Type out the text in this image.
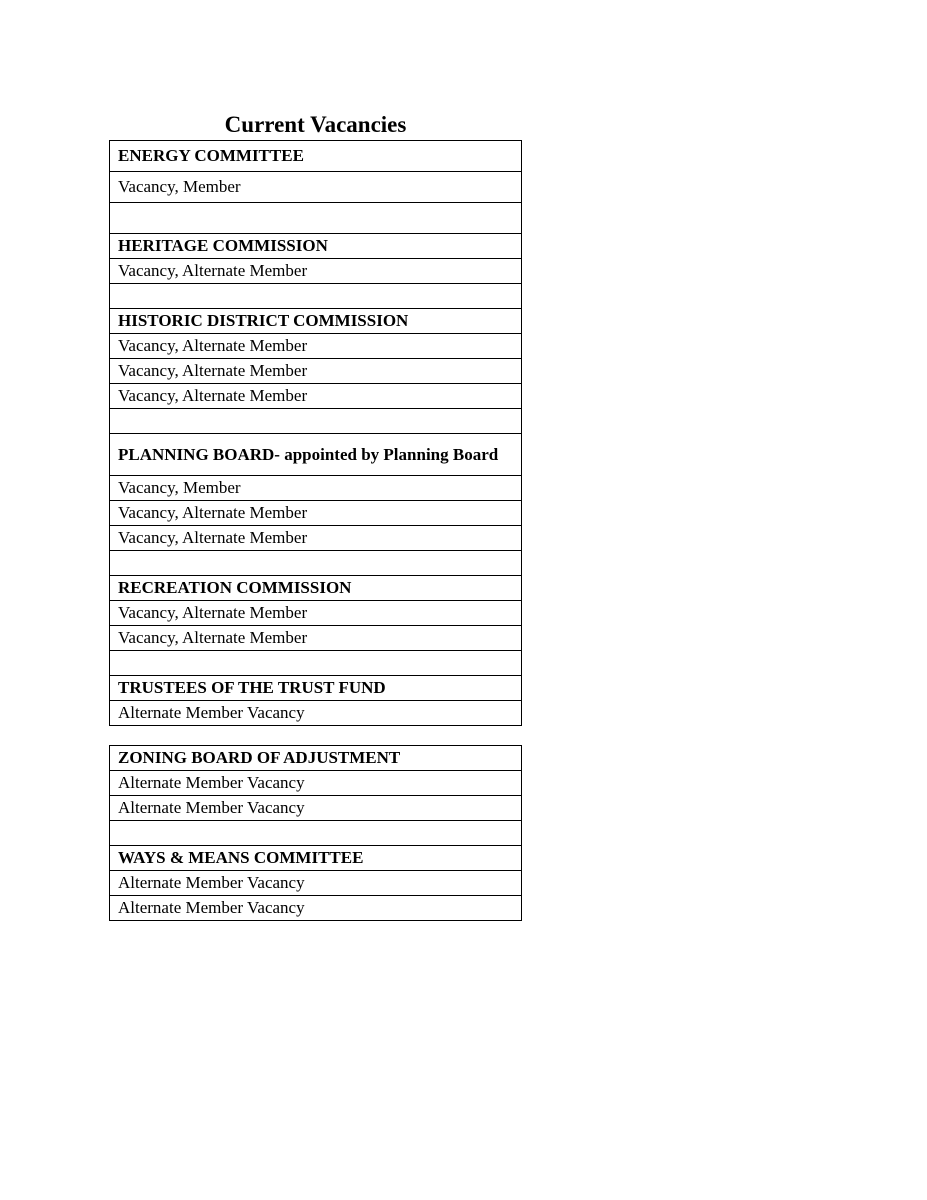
Current Vacancies
ENERGY COMMITTEE
Vacancy, Member

HERITAGE COMMISSION
Vacancy, Alternate Member

HISTORIC DISTRICT COMMISSION
Vacancy, Alternate Member
Vacancy, Alternate Member
Vacancy, Alternate Member

PLANNING BOARD- appointed by Planning Board
Vacancy, Member
Vacancy, Alternate Member
Vacancy, Alternate Member

RECREATION COMMISSION
Vacancy, Alternate Member
Vacancy, Alternate Member

TRUSTEES OF THE TRUST FUND
Alternate Member Vacancy
ZONING BOARD OF ADJUSTMENT
Alternate Member Vacancy
Alternate Member Vacancy

WAYS & MEANS COMMITTEE
Alternate Member Vacancy
Alternate Member Vacancy
